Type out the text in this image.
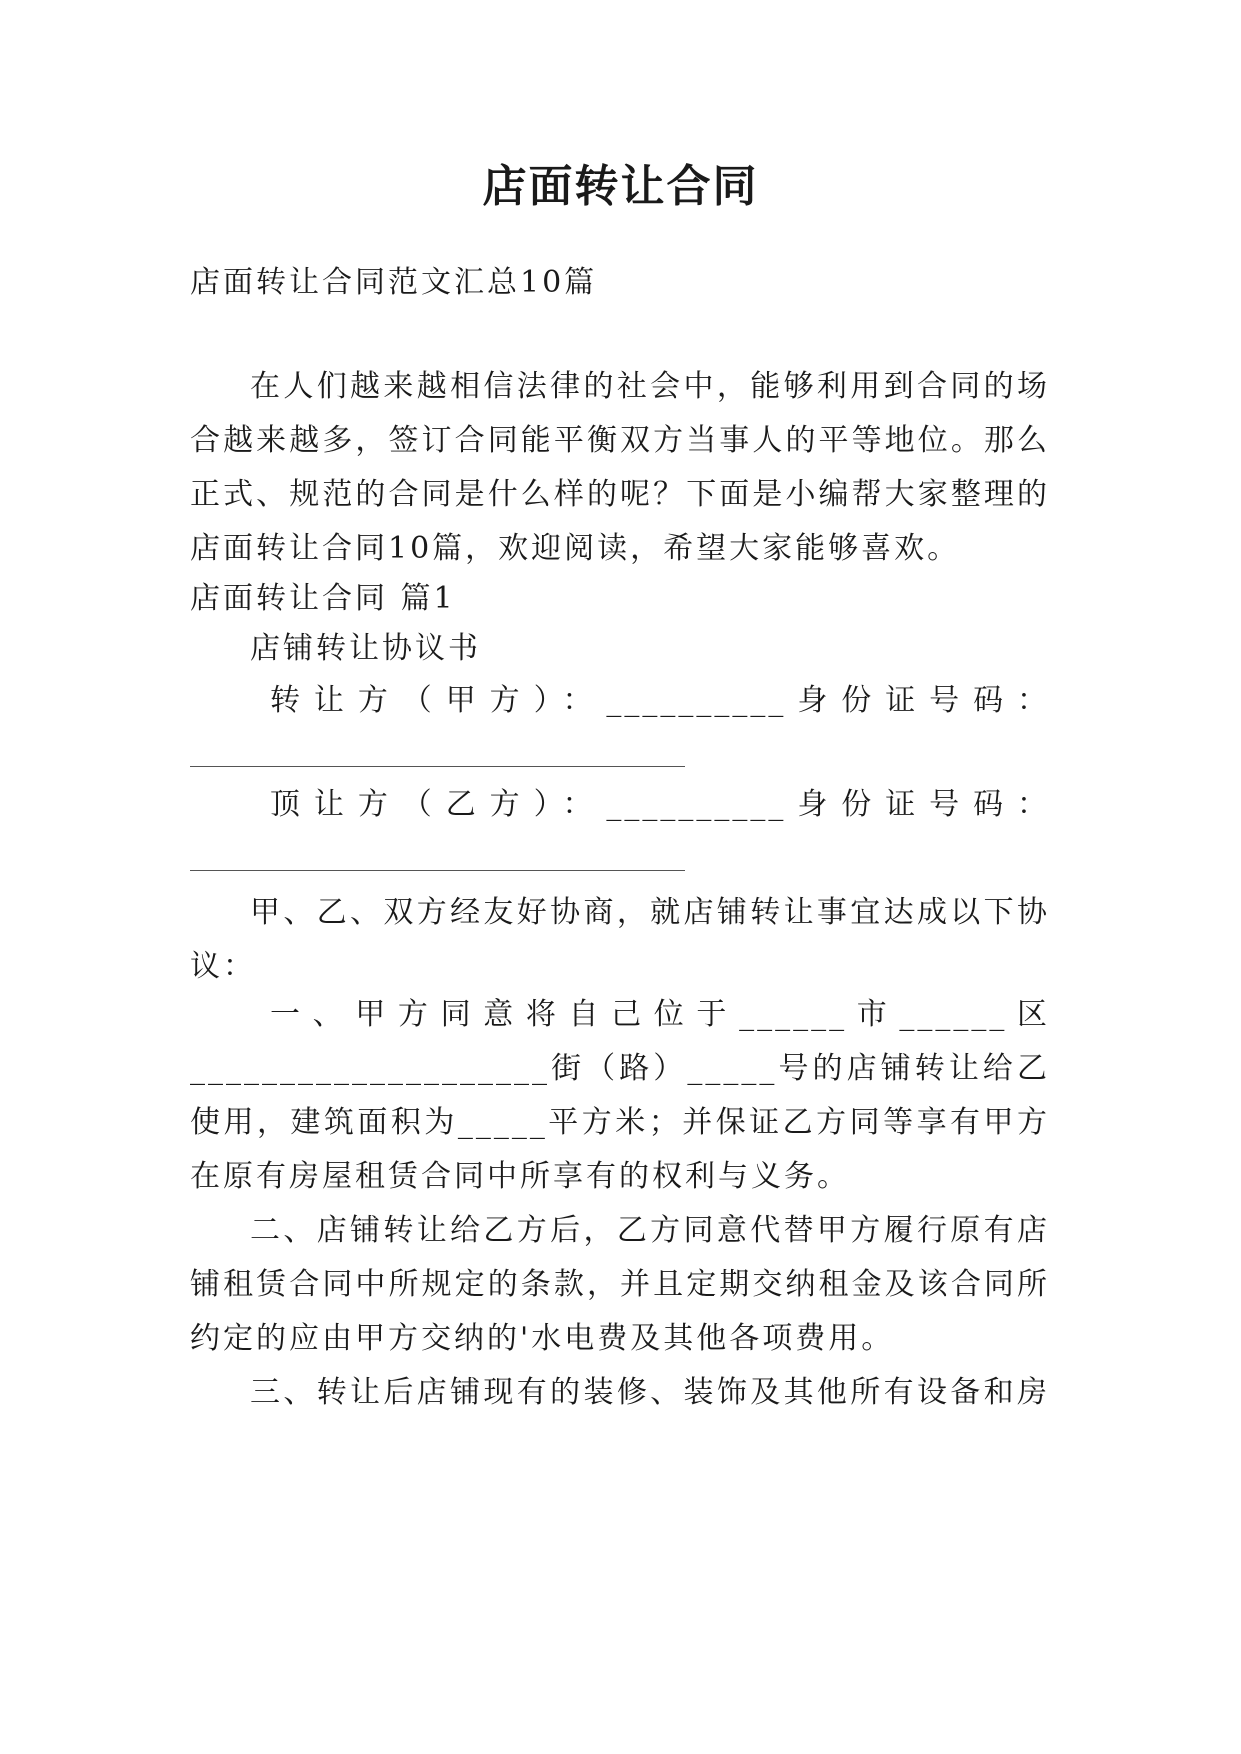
店面转让合同
店面转让合同范文汇总10篇
在人们越来越相信法律的社会中，能够利用到合同的场
合越来越多，签订合同能平衡双方当事人的平等地位。那么
正式、规范的合同是什么样的呢？下面是小编帮大家整理的
店面转让合同10篇，欢迎阅读，希望大家能够喜欢。
店面转让合同 篇1
店铺转让协议书
转让方（甲方）：__________身份证号码：
顶让方（乙方）：__________身份证号码：
甲、乙、双方经友好协商，就店铺转让事宜达成以下协
议：
一、甲方同意将自己位于______市______区
____________________街（路）_____号的店铺转让给乙
使用，建筑面积为_____平方米；并保证乙方同等享有甲方
在原有房屋租赁合同中所享有的权利与义务。
二、店铺转让给乙方后，乙方同意代替甲方履行原有店
铺租赁合同中所规定的条款，并且定期交纳租金及该合同所
约定的应由甲方交纳的'水电费及其他各项费用。
三、转让后店铺现有的装修、装饰及其他所有设备和房
